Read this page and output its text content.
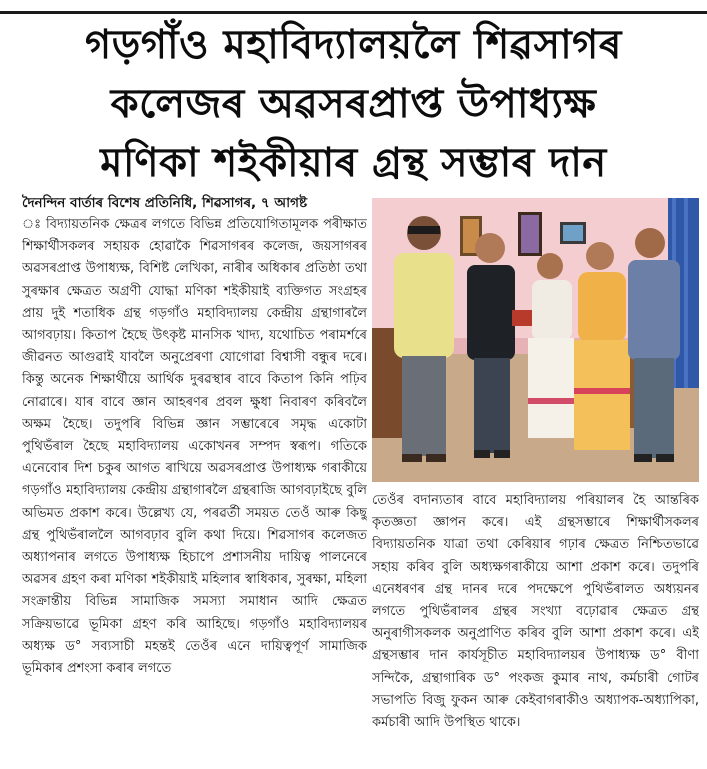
গড়গাঁও মহাবিদ্যালয়লৈ শিৱসাগৰ
কলেজৰ অৱসৰপ্ৰাপ্ত উপাধ্যক্ষ
মণিকা শইকীয়াৰ গ্ৰন্থ সম্ভাৰ দান
দৈনন্দিন বাৰ্তাৰ বিশেষ প্ৰতিনিধি, শিৱসাগৰ, ৭ আগষ্ট
ঃ বিদ্যায়তনিক ক্ষেত্ৰৰ লগতে বিভিন্ন প্ৰতিযোগিতামূলক পৰীক্ষাত শিক্ষাৰ্থীসকলৰ সহায়ক হোৱাকৈ শিৱসাগৰৰ কলেজ, জয়সাগৰৰ অৱসৰপ্ৰাপ্ত উপাধ্যক্ষ, বিশিষ্ট লেখিকা, নাৰীৰ অধিকাৰ প্ৰতিষ্ঠা তথা সুৰক্ষাৰ ক্ষেত্ৰত অগ্ৰণী যোদ্ধা মণিকা শইকীয়াই ব্যক্তিগত সংগ্ৰহৰ প্ৰায় দুই শতাধিক গ্ৰন্থ গড়গাঁও মহাবিদ্যালয় কেন্দ্ৰীয় গ্ৰন্থাগাৰলৈ আগবঢ়ায়। কিতাপ হৈছে উৎকৃষ্ট মানসিক খাদ্য, যথোচিত পৰামৰ্শৰে জীৱনত আগুৱাই যাবলৈ অনুপ্ৰেৰণা যোগোৱা বিশ্বাসী বন্ধুৰ দৰে। কিন্তু অনেক শিক্ষাৰ্থীয়ে আৰ্থিক দুৰৱস্থাৰ বাবে কিতাপ কিনি পঢ়িব নোৱাৰে। যাৰ বাবে জ্ঞান আহৰণৰ প্ৰবল ক্ষুধা নিবাৰণ কৰিবলৈ অক্ষম হৈছে। তদুপৰি বিভিন্ন জ্ঞান সম্ভাৰেৰে সমৃদ্ধ একোটা পুথিভঁৰাল হৈছে মহাবিদ্যালয় একোখনৰ সম্পদ স্বৰূপ। গতিকে এনেবোৰ দিশ চকুৰ আগত ৰাখিয়ে অৱসৰপ্ৰাপ্ত উপাধ্যক্ষ গৰাকীয়ে গড়গাঁও মহাবিদ্যালয় কেন্দ্ৰীয় গ্ৰন্থাগাৰলৈ গ্ৰন্থৰাজি আগবঢ়াইছে বুলি অভিমত প্ৰকাশ কৰে। উল্লেখ্য যে, পৰৱৰ্তী সময়ত তেওঁ আৰু কিছু গ্ৰন্থ পুথিভঁৰাললৈ আগবঢ়াব বুলি কথা দিয়ে। শিৱসাগৰ কলেজত অধ্যাপনাৰ লগতে উপাধ্যক্ষ হিচাপে প্ৰশাসনীয় দায়িত্ব পালনেৰে অৱসৰ গ্ৰহণ কৰা মণিকা শইকীয়াই মহিলাৰ স্বাধিকাৰ, সুৰক্ষা, মহিলা সংক্ৰান্তীয় বিভিন্ন সামাজিক সমস্যা সমাধান আদি ক্ষেত্ৰত সক্ৰিয়ভাৱে ভূমিকা গ্ৰহণ কৰি আহিছে। গড়গাঁও মহাবিদ্যালয়ৰ অধ্যক্ষ ড° সব্যসাচী মহন্তই তেওঁৰ এনে দায়িত্বপূৰ্ণ সামাজিক ভূমিকাৰ প্ৰশংসা কৰাৰ লগতে
তেওঁৰ বদান্যতাৰ বাবে মহাবিদ্যালয় পৰিয়ালৰ হৈ আন্তৰিক কৃতজ্ঞতা জ্ঞাপন কৰে। এই গ্ৰন্থসম্ভাৰে শিক্ষাৰ্থীসকলৰ বিদ্যায়তনিক যাত্ৰা তথা কেৰিয়াৰ গঢ়াৰ ক্ষেত্ৰত নিশ্চিতভাৱে সহায় কৰিব বুলি অধ্যক্ষগৰাকীয়ে আশা প্ৰকাশ কৰে। তদুপৰি এনেধৰণৰ গ্ৰন্থ দানৰ দৰে পদক্ষেপে পুথিভঁৰালত অধ্যয়নৰ লগতে পুথিভঁৰালৰ গ্ৰন্থৰ সংখ্যা বঢ়োৱাৰ ক্ষেত্ৰত গ্ৰন্থ অনুৰাগীসকলক অনুপ্ৰাণিত কৰিব বুলি আশা প্ৰকাশ কৰে। এই গ্ৰন্থসম্ভাৰ দান কাৰ্যসূচীত মহাবিদ্যালয়ৰ উপাধ্যক্ষ ড° বীণা সন্দিকৈ, গ্ৰন্থাগাৰিক ড° পংকজ কুমাৰ নাথ, কৰ্মচাৰী গোটৰ সভাপতি বিজু ফুকন আৰু কেইবাগৰাকীও অধ্যাপক-অধ্যাপিকা, কৰ্মচাৰী আদি উপস্থিত থাকে।
